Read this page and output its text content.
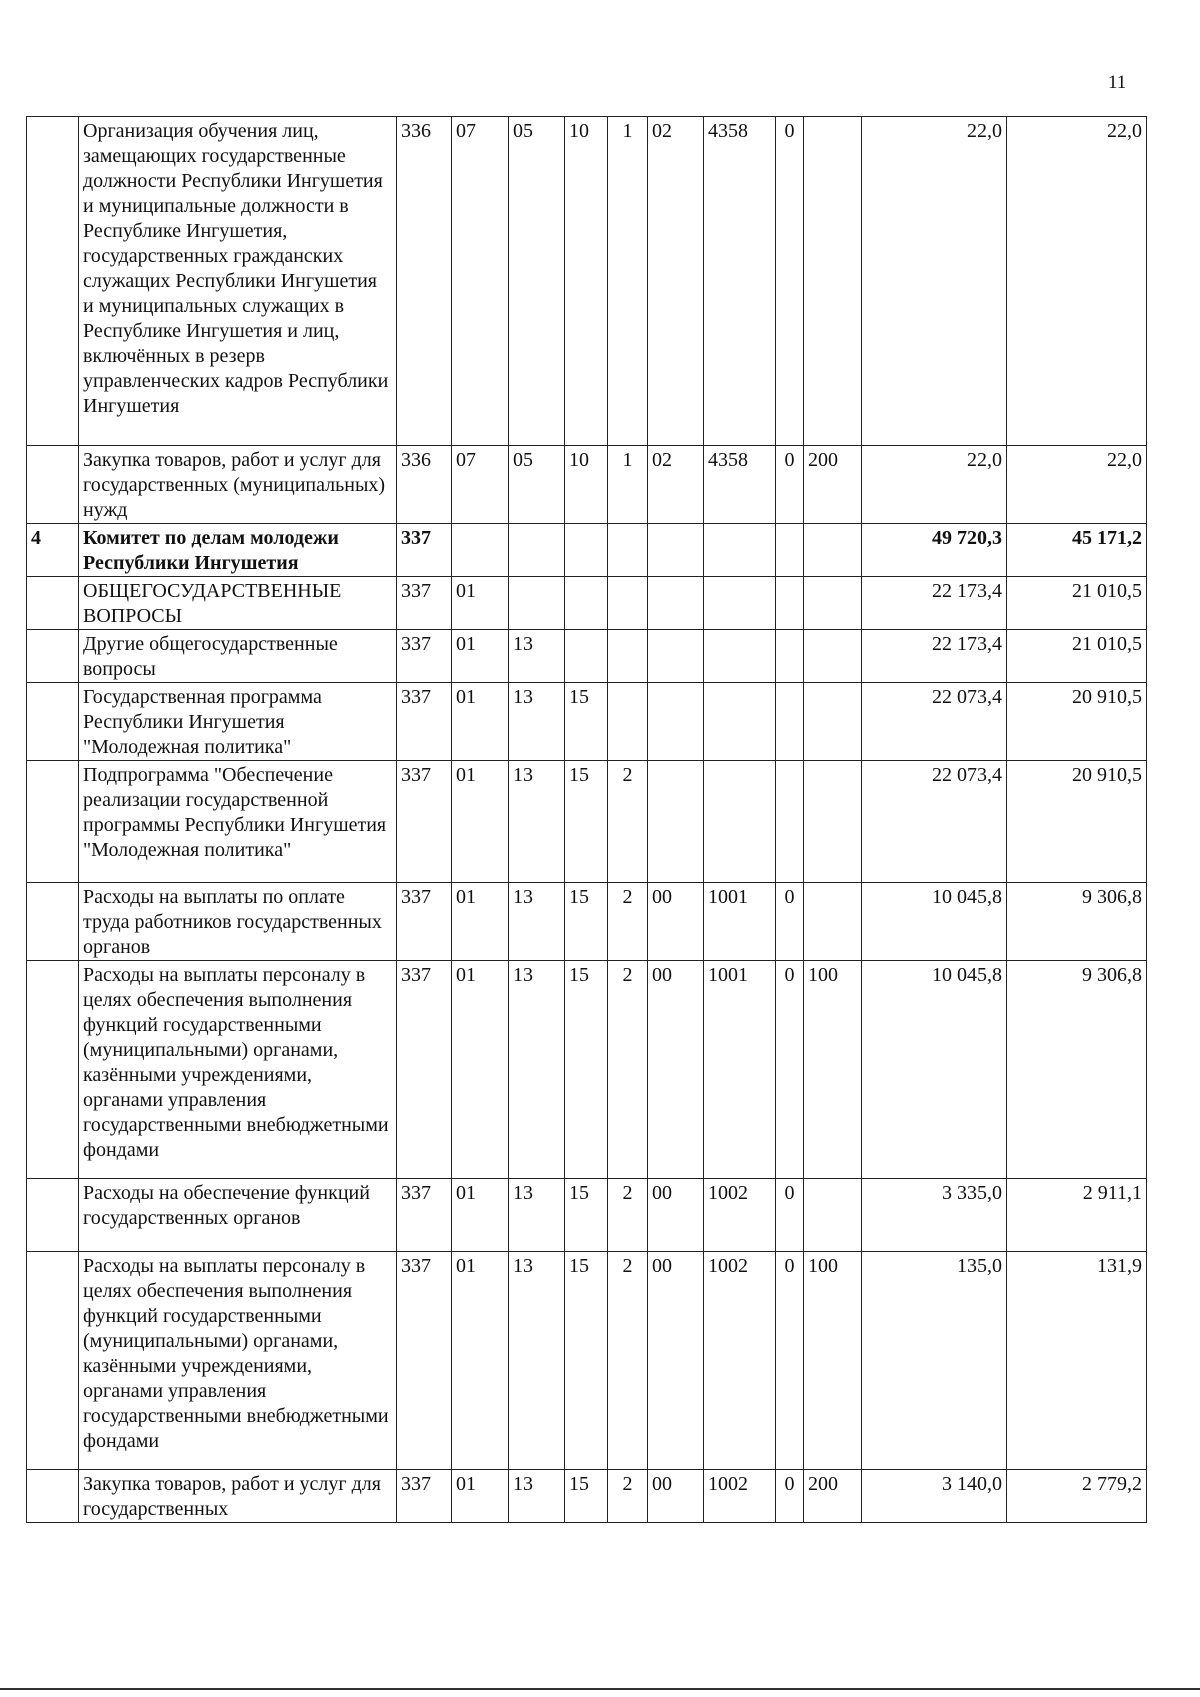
11
	Организация обучения лиц, замещающих государственные должности Республики Ингушетия и муниципальные должности в Республике Ингушетия, государственных гражданских служащих Республики Ингушетия и муниципальных служащих в Республике Ингушетия и лиц, включённых в резерв управленческих кадров Республики Ингушетия	336	07	05	10	1	02	4358	0		22,0	22,0
	Закупка товаров, работ и услуг для государственных (муниципальных) нужд	336	07	05	10	1	02	4358	0	200	22,0	22,0
4	Комитет по делам молодежи Республики Ингушетия	337									49 720,3	45 171,2
	ОБЩЕГОСУДАРСТВЕННЫЕ ВОПРОСЫ	337	01								22 173,4	21 010,5
	Другие общегосударственные вопросы	337	01	13							22 173,4	21 010,5
	Государственная программа Республики Ингушетия "Молодежная политика"	337	01	13	15						22 073,4	20 910,5
	Подпрограмма "Обеспечение реализации государственной программы Республики Ингушетия "Молодежная политика"	337	01	13	15	2					22 073,4	20 910,5
	Расходы на выплаты по оплате труда работников государственных органов	337	01	13	15	2	00	1001	0		10 045,8	9 306,8
	Расходы на выплаты персоналу в целях обеспечения выполнения функций государственными (муниципальными) органами, казёнными учреждениями, органами управления государственными внебюджетными фондами	337	01	13	15	2	00	1001	0	100	10 045,8	9 306,8
	Расходы на обеспечение функций государственных органов	337	01	13	15	2	00	1002	0		3 335,0	2 911,1
	Расходы на выплаты персоналу в целях обеспечения выполнения функций государственными (муниципальными) органами, казёнными учреждениями, органами управления государственными внебюджетными фондами	337	01	13	15	2	00	1002	0	100	135,0	131,9
	Закупка товаров, работ и услуг для государственных	337	01	13	15	2	00	1002	0	200	3 140,0	2 779,2
